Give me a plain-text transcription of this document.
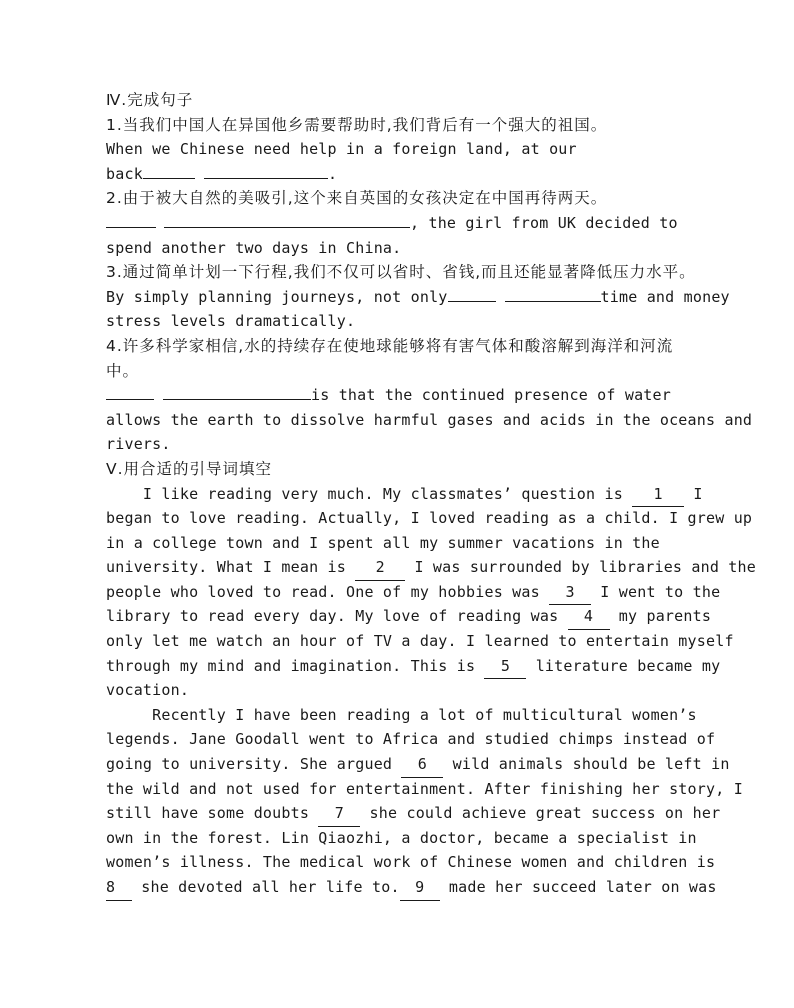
Ⅳ.完成句子
1.当我们中国人在异国他乡需要帮助时,我们背后有一个强大的祖国。
When we Chinese need help in a foreign land, at our
back	.
2.由于被大自然的美吸引,这个来自英国的女孩决定在中国再待两天。
, the girl from UK decided to
spend another two days in China.
3.通过简单计划一下行程,我们不仅可以省时、省钱,而且还能显著降低压力水平。
By simply planning journeys, not only	time and money
stress levels dramatically.
4.许多科学家相信,水的持续存在使地球能够将有害气体和酸溶解到海洋和河流
中。
is that the continued presence of water
allows the earth to dissolve harmful gases and acids in the oceans and
rivers.
Ⅴ.用合适的引导词填空
I like reading very much. My classmates’ question is 1 I
began to love reading. Actually, I loved reading as a child. I grew up
in a college town and I spent all my summer vacations in the
university. What I mean is 2 I was surrounded by libraries and the
people who loved to read. One of my hobbies was 3 I went to the
library to read every day. My love of reading was 4 my parents
only let me watch an hour of TV a day. I learned to entertain myself
through my mind and imagination. This is 5 literature became my
vocation.
Recently I have been reading a lot of multicultural women’s
legends. Jane Goodall went to Africa and studied chimps instead of
going to university. She argued 6 wild animals should be left in
the wild and not used for entertainment. After finishing her story, I
still have some doubts 7 she could achieve great success on her
own in the forest. Lin Qiaozhi, a doctor, became a specialist in
women’s illness. The medical work of Chinese women and children is
8 she devoted all her life to. 9 made her succeed later on was
